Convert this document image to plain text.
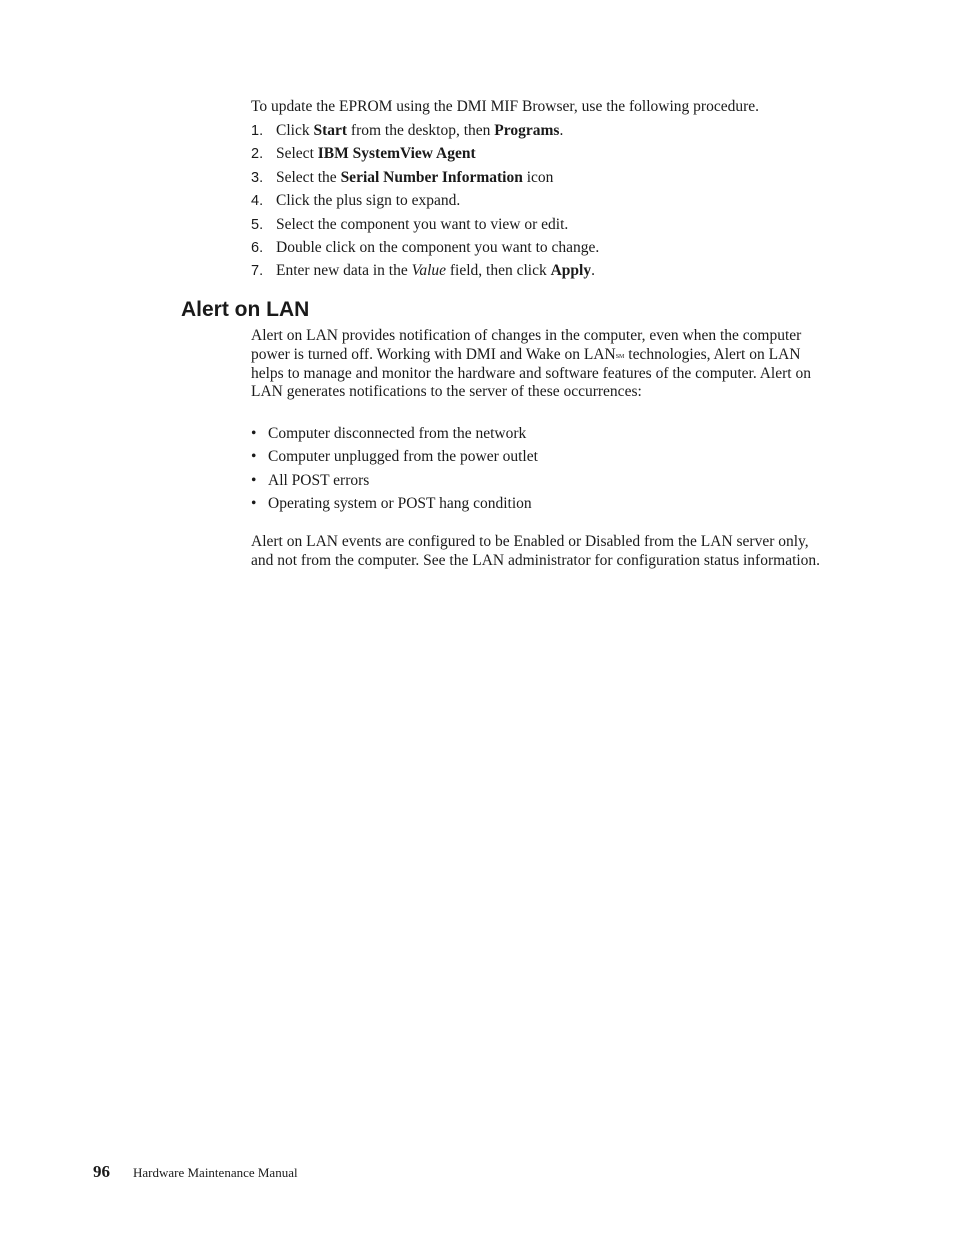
To update the EPROM using the DMI MIF Browser, use the following procedure.

1. Click Start from the desktop, then Programs.
2. Select IBM SystemView Agent
3. Select the Serial Number Information icon
4. Click the plus sign to expand.
5. Select the component you want to view or edit.
6. Double click on the component you want to change.
7. Enter new data in the Value field, then click Apply.
Alert on LAN

Alert on LAN provides notification of changes in the computer, even when the computer power is turned off. Working with DMI and Wake on LAN℠ technologies, Alert on LAN helps to manage and monitor the hardware and software features of the computer. Alert on LAN generates notifications to the server of these occurrences:

• Computer disconnected from the network
• Computer unplugged from the power outlet
• All POST errors
• Operating system or POST hang condition

Alert on LAN events are configured to be Enabled or Disabled from the LAN server only, and not from the computer. See the LAN administrator for configuration status information.

96 Hardware Maintenance Manual
